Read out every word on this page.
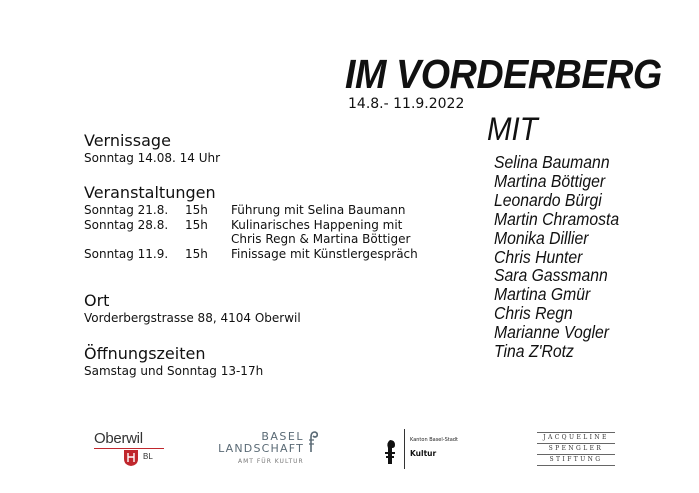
IM VORDERBERG
14.8.- 11.9.2022
MIT
Selina Baumann
Martina Böttiger
Leonardo Bürgi
Martin Chramosta
Monika Dillier
Chris Hunter
Sara Gassmann
Martina Gmür
Chris Regn
Marianne Vogler
Tina Z'Rotz
Vernissage
Sonntag 14.08. 14 Uhr
Veranstaltungen
Sonntag 21.8.	15h	Führung mit Selina Baumann
Sonntag 28.8.	15h	Kulinarisches Happening mit
Chris Regn & Martina Böttiger
Sonntag 11.9.	15h	Finissage mit Künstlergespräch
Ort
Vorderbergstrasse 88, 4104 Oberwil
Öffnungszeiten
Samstag und Sonntag 13-17h
Oberwil
BL
BASEL
LANDSCHAFT
AMT FÜR KULTUR
Kanton Basel-Stadt
Kultur
JACQUELINE
SPENGLER
STIFTUNG
